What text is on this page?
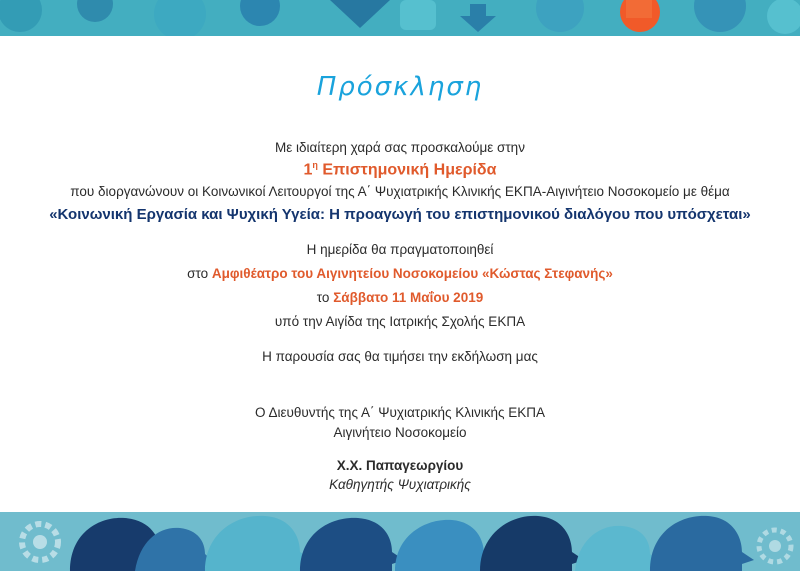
Πρόσκληση
Με ιδιαίτερη χαρά σας προσκαλούμε στην
$1^\eta$ Επιστημονική Ημερίδα
που διοργανώνουν οι Κοινωνικοί Λειτουργοί της Α΄ Ψυχιατρικής Κλινικής ΕΚΠΑ-Αιγινήτειο Νοσοκομείο με θέμα
«Κοινωνική Εργασία και Ψυχική Υγεία: Η προαγωγή του επιστημονικού διαλόγου που υπόσχεται»
Η ημερίδα θα πραγματοποιηθεί
στο Αμφιθέατρο του Αιγινητείου Νοσοκομείου «Κώστας Στεφανής»
το Σάββατο 11 Μαΐου 2019
υπό την Αιγίδα της Ιατρικής Σχολής ΕΚΠΑ
Η παρουσία σας θα τιμήσει την εκδήλωση μας
Ο Διευθυντής της Α΄ Ψυχιατρικής Κλινικής ΕΚΠΑ
Αιγινήτειο Νοσοκομείο
Χ.Χ. Παπαγεωργίου
Καθηγητής Ψυχιατρικής
